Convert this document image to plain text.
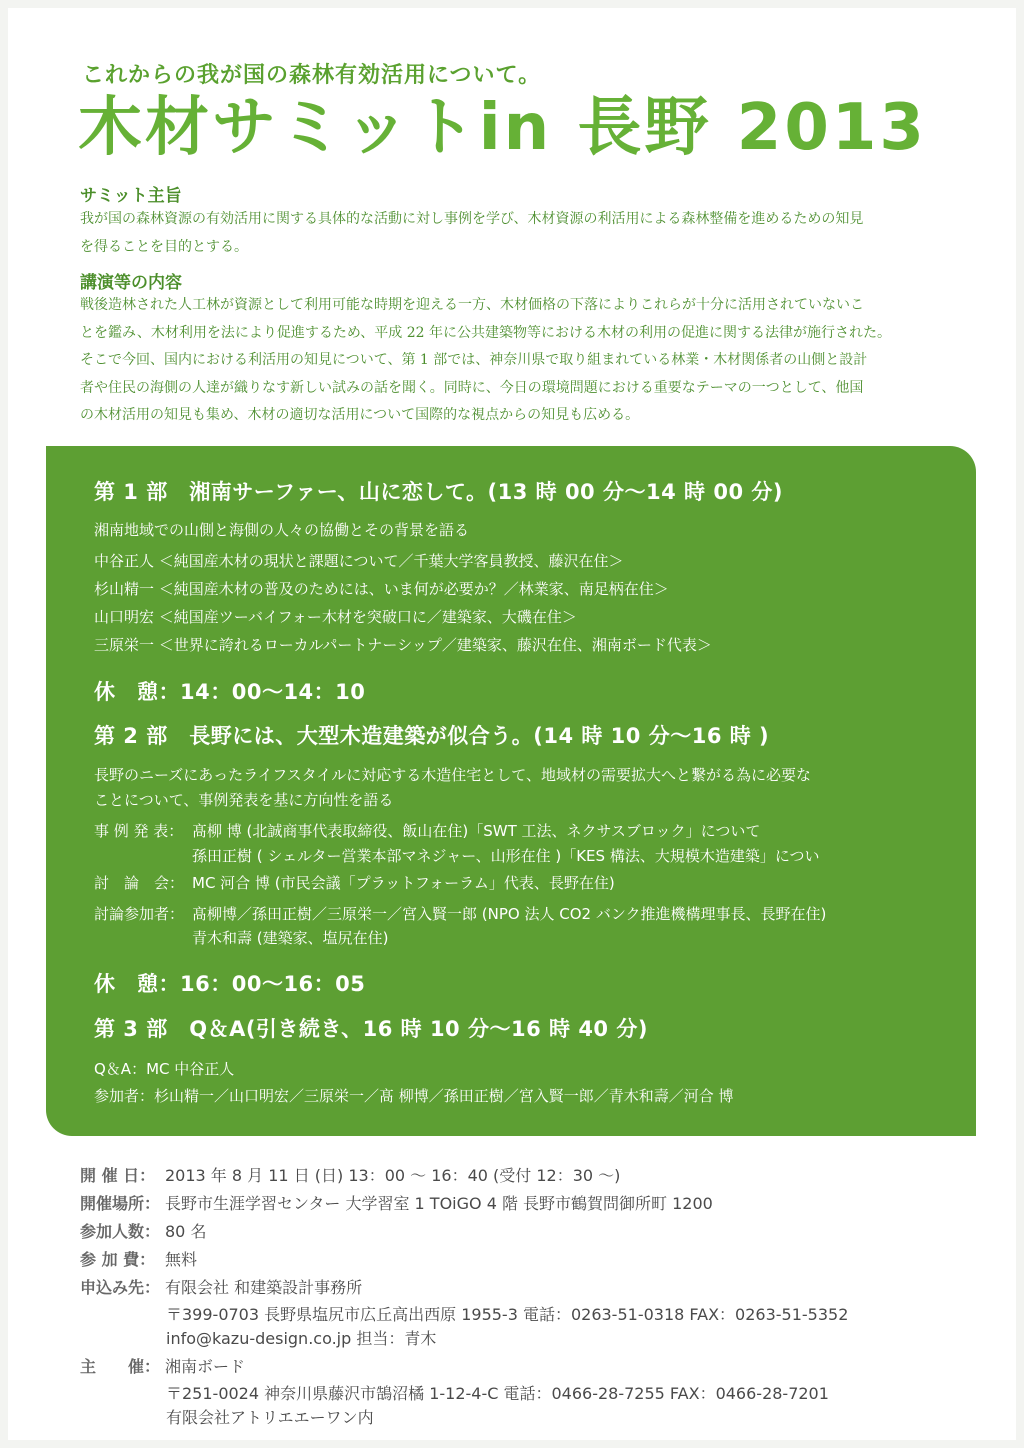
これからの我が国の森林有効活用について。
木材サミットin 長野 2013
サミット主旨
我が国の森林資源の有効活用に関する具体的な活動に対し事例を学び、木材資源の利活用による森林整備を進めるための知見
を得ることを目的とする。
講演等の内容
戦後造林された人工林が資源として利用可能な時期を迎える一方、木材価格の下落によりこれらが十分に活用されていないこ
とを鑑み、木材利用を法により促進するため、平成 22 年に公共建築物等における木材の利用の促進に関する法律が施行された。
そこで今回、国内における利活用の知見について、第 1 部では、神奈川県で取り組まれている林業・木材関係者の山側と設計
者や住民の海側の人達が織りなす新しい試みの話を聞く。同時に、今日の環境問題における重要なテーマの一つとして、他国
の木材活用の知見も集め、木材の適切な活用について国際的な視点からの知見も広める。
第 1 部　湘南サーファー、山に恋して。(13 時 00 分～14 時 00 分)
湘南地域での山側と海側の人々の協働とその背景を語る
中谷正人 ＜純国産木材の現状と課題について／千葉大学客員教授、藤沢在住＞
杉山精一 ＜純国産木材の普及のためには、いま何が必要か？／林業家、南足柄在住＞
山口明宏 ＜純国産ツーバイフォー木材を突破口に／建築家、大磯在住＞
三原栄一 ＜世界に誇れるローカルパートナーシップ／建築家、藤沢在住、湘南ボード代表＞
休　憩：14：00～14：10
第 2 部　長野には、大型木造建築が似合う。(14 時 10 分～16 時 )
長野のニーズにあったライフスタイルに対応する木造住宅として、地域材の需要拡大へと繋がる為に必要な
ことについて、事例発表を基に方向性を語る
事 例 発 表： 髙柳 博 (北誠商事代表取締役、飯山在住)「SWT 工法、ネクサスブロック」について
孫田正樹 ( シェルター営業本部マネジャー、山形在住 )「KES 構法、大規模木造建築」につい
討　論　会： MC 河合 博 (市民会議「プラットフォーラム」代表、長野在住)
討論参加者： 髙柳博／孫田正樹／三原栄一／宮入賢一郎 (NPO 法人 CO2 バンク推進機構理事長、長野在住)
青木和壽 (建築家、塩尻在住)
休　憩：16：00～16：05
第 3 部　Q＆A(引き続き、16 時 10 分～16 時 40 分)
Q＆A：MC 中谷正人
参加者：杉山精一／山口明宏／三原栄一／髙 柳博／孫田正樹／宮入賢一郎／青木和壽／河合 博
開 催 日： 2013 年 8 月 11 日 (日) 13：00 ～ 16：40 (受付 12：30 ～)
開催場所： 長野市生涯学習センター 大学習室 1 TOiGO 4 階 長野市鶴賀問御所町 1200
参加人数： 80 名
参 加 費： 無料
申込み先： 有限会社 和建築設計事務所
〒399-0703 長野県塩尻市広丘高出西原 1955-3 電話：0263-51-0318 FAX：0263-51-5352
info@kazu-design.co.jp 担当：青木
主　　催： 湘南ボード
〒251-0024 神奈川県藤沢市鵠沼橘 1-12-4-C 電話：0466-28-7255 FAX：0466-28-7201
有限会社アトリエエーワン内
